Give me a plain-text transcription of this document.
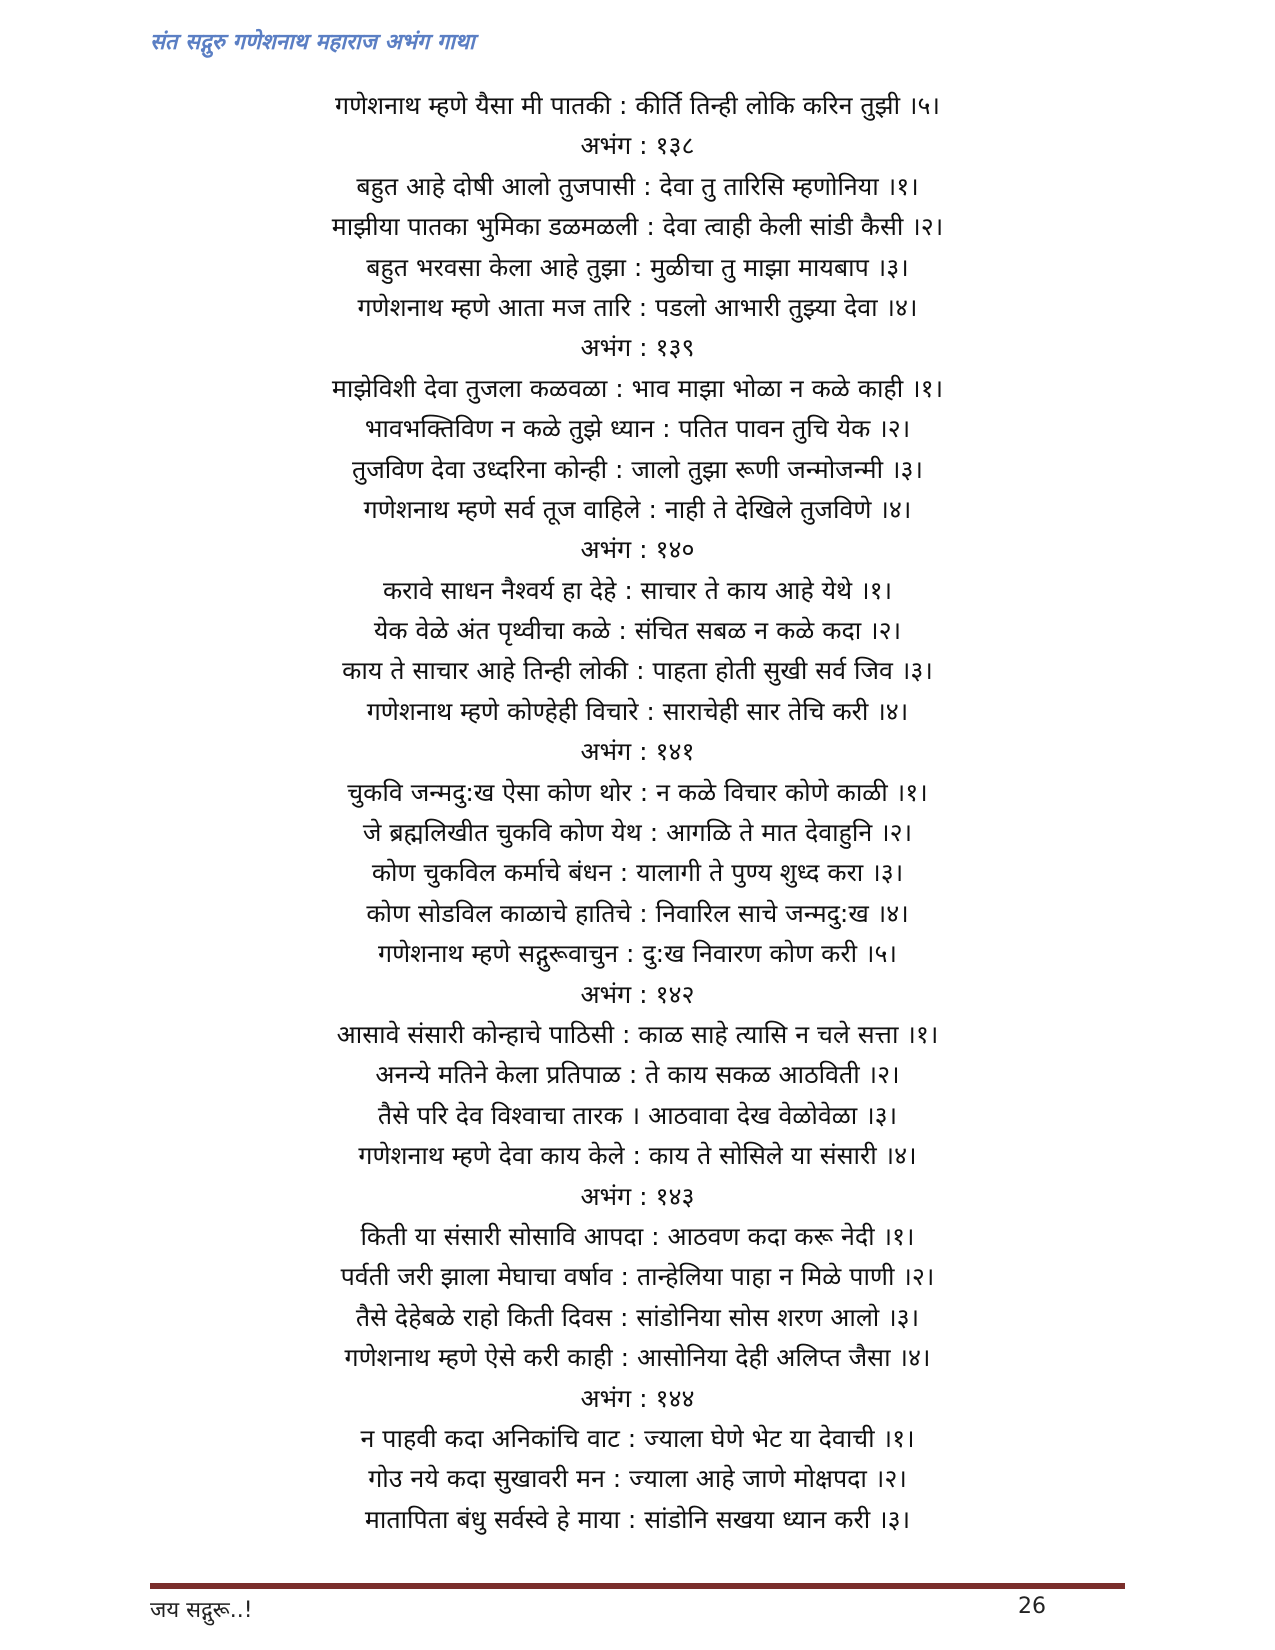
संत सद्गुरु गणेशनाथ महाराज अभंग गाथा
गणेशनाथ म्हणे यैसा मी पातकी : कीर्ति तिन्ही लोकि करिन तुझी ।५।
अभंग : १३८
बहुत आहे दोषी आलो तुजपासी : देवा तु तारिसि म्हणोनिया ।१।
माझीया पातका भुमिका डळमळली : देवा त्वाही केली सांडी कैसी ।२।
बहुत भरवसा केला आहे तुझा : मुळीचा तु माझा मायबाप ।३।
गणेशनाथ म्हणे आता मज तारि : पडलो आभारी तुझ्या देवा ।४।
अभंग : १३९
माझेविशी देवा तुजला कळवळा : भाव माझा भोळा न कळे काही ।१।
भावभक्तिविण न कळे तुझे ध्यान : पतित पावन तुचि येक ।२।
तुजविण देवा उध्दरिना कोन्ही : जालो तुझा रूणी जन्मोजन्मी ।३।
गणेशनाथ म्हणे सर्व तूज वाहिले : नाही ते देखिले तुजविणे ।४।
अभंग : १४०
करावे साधन नैश्वर्य हा देहे : साचार ते काय आहे येथे ।१।
येक वेळे अंत पृथ्वीचा कळे : संचित सबळ न कळे कदा ।२।
काय ते साचार आहे तिन्ही लोकी : पाहता होती सुखी सर्व जिव ।३।
गणेशनाथ म्हणे कोण्हेही विचारे : साराचेही सार तेचि करी ।४।
अभंग : १४१
चुकवि जन्मदु:ख ऐसा कोण थोर : न कळे विचार कोणे काळी ।१।
जे ब्रह्मलिखीत चुकवि कोण येथ : आगळि ते मात देवाहुनि ।२।
कोण चुकविल कर्माचे बंधन : यालागी ते पुण्य शुध्द करा ।३।
कोण सोडविल काळाचे हातिचे : निवारिल साचे जन्मदु:ख ।४।
गणेशनाथ म्हणे सद्गुरूवाचुन : दु:ख निवारण कोण करी ।५।
अभंग : १४२
आसावे संसारी कोन्हाचे पाठिसी : काळ साहे त्यासि न चले सत्ता ।१।
अनन्ये मतिने केला प्रतिपाळ : ते काय सकळ आठविती ।२।
तैसे परि देव विश्वाचा तारक । आठवावा देख वेळोवेळा ।३।
गणेशनाथ म्हणे देवा काय केले : काय ते सोसिले या संसारी ।४।
अभंग : १४३
किती या संसारी सोसावि आपदा : आठवण कदा करू नेदी ।१।
पर्वती जरी झाला मेघाचा वर्षाव : तान्हेलिया पाहा न मिळे पाणी ।२।
तैसे देहेबळे राहो किती दिवस : सांडोनिया सोस शरण आलो ।३।
गणेशनाथ म्हणे ऐसे करी काही : आसोनिया देही अलिप्त जैसा ।४।
अभंग : १४४
न पाहवी कदा अनिकांचि वाट : ज्याला घेणे भेट या देवाची ।१।
गोउ नये कदा सुखावरी मन : ज्याला आहे जाणे मोक्षपदा ।२।
मातापिता बंधु सर्वस्वे हे माया : सांडोनि सखया ध्यान करी ।३।
जय सद्गुरू..!	26
